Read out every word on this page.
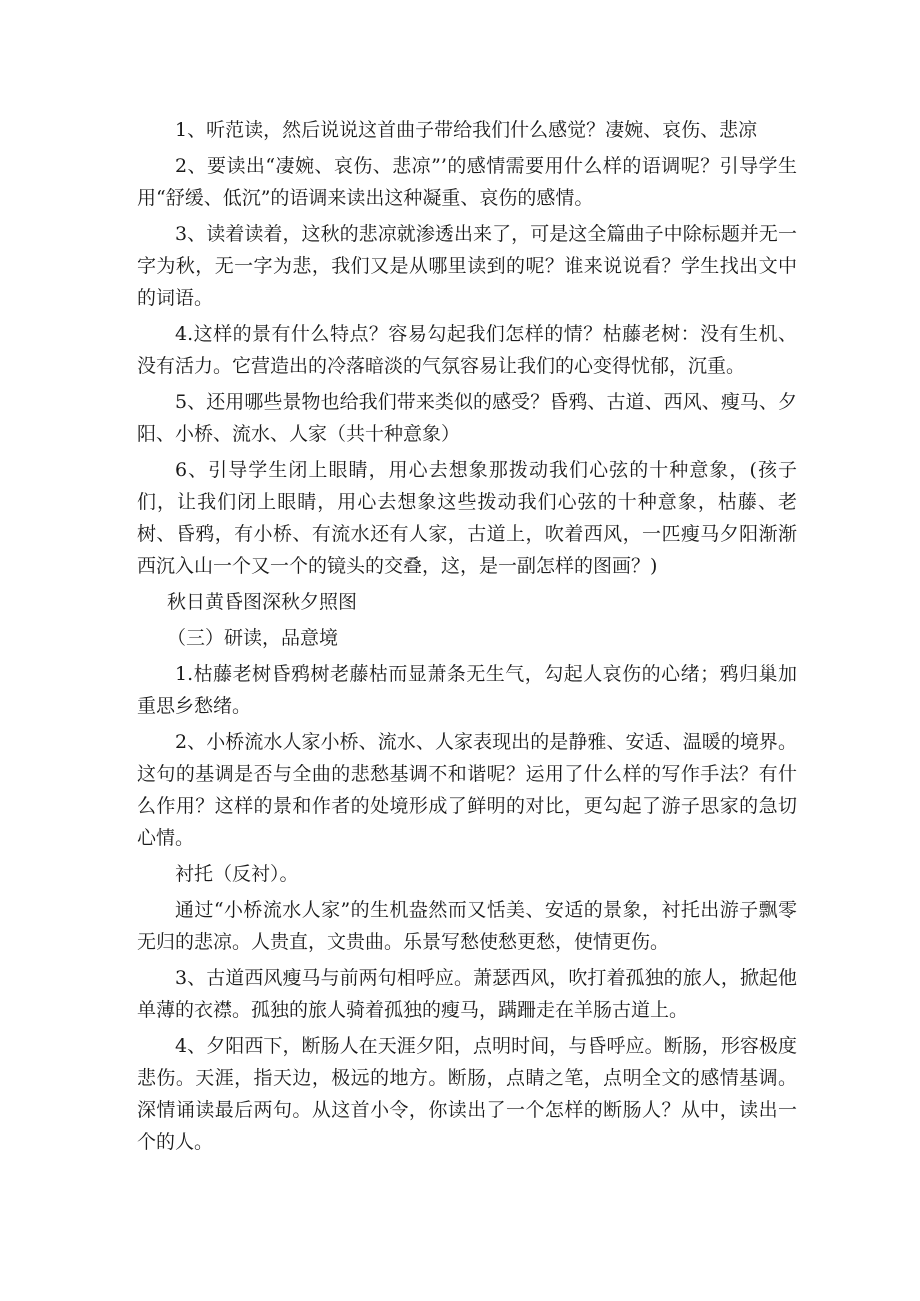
1、听范读，然后说说这首曲子带给我们什么感觉？凄婉、哀伤、悲凉

2、要读出“凄婉、哀伤、悲凉”’的感情需要用什么样的语调呢？引导学生用“舒缓、低沉”的语调来读出这种凝重、哀伤的感情。

3、读着读着，这秋的悲凉就渗透出来了，可是这全篇曲子中除标题并无一字为秋，无一字为悲，我们又是从哪里读到的呢？谁来说说看？学生找出文中的词语。

4.这样的景有什么特点？容易勾起我们怎样的情？枯藤老树：没有生机、没有活力。它营造出的冷落暗淡的气氛容易让我们的心变得忧郁，沉重。

5、还用哪些景物也给我们带来类似的感受？昏鸦、古道、西风、瘦马、夕阳、小桥、流水、人家（共十种意象）

6、引导学生闭上眼睛，用心去想象那拨动我们心弦的十种意象，(孩子们，让我们闭上眼睛，用心去想象这些拨动我们心弦的十种意象，枯藤、老树、昏鸦，有小桥、有流水还有人家，古道上，吹着西风，一匹瘦马夕阳渐渐西沉入山一个又一个的镜头的交叠，这，是一副怎样的图画？)

秋日黄昏图深秋夕照图

（三）研读，品意境

1.枯藤老树昏鸦树老藤枯而显萧条无生气，勾起人哀伤的心绪；鸦归巢加重思乡愁绪。

2、小桥流水人家小桥、流水、人家表现出的是静雅、安适、温暖的境界。这句的基调是否与全曲的悲愁基调不和谐呢？运用了什么样的写作手法？有什么作用？这样的景和作者的处境形成了鲜明的对比，更勾起了游子思家的急切心情。

衬托（反衬）。

通过“小桥流水人家”的生机盎然而又恬美、安适的景象，衬托出游子飘零无归的悲凉。人贵直，文贵曲。乐景写愁使愁更愁，使情更伤。

3、古道西风瘦马与前两句相呼应。萧瑟西风，吹打着孤独的旅人，掀起他单薄的衣襟。孤独的旅人骑着孤独的瘦马，蹒跚走在羊肠古道上。

4、夕阳西下，断肠人在天涯夕阳，点明时间，与昏呼应。断肠，形容极度悲伤。天涯，指天边，极远的地方。断肠，点睛之笔，点明全文的感情基调。深情诵读最后两句。从这首小令，你读出了一个怎样的断肠人？从中，读出一个的人。
